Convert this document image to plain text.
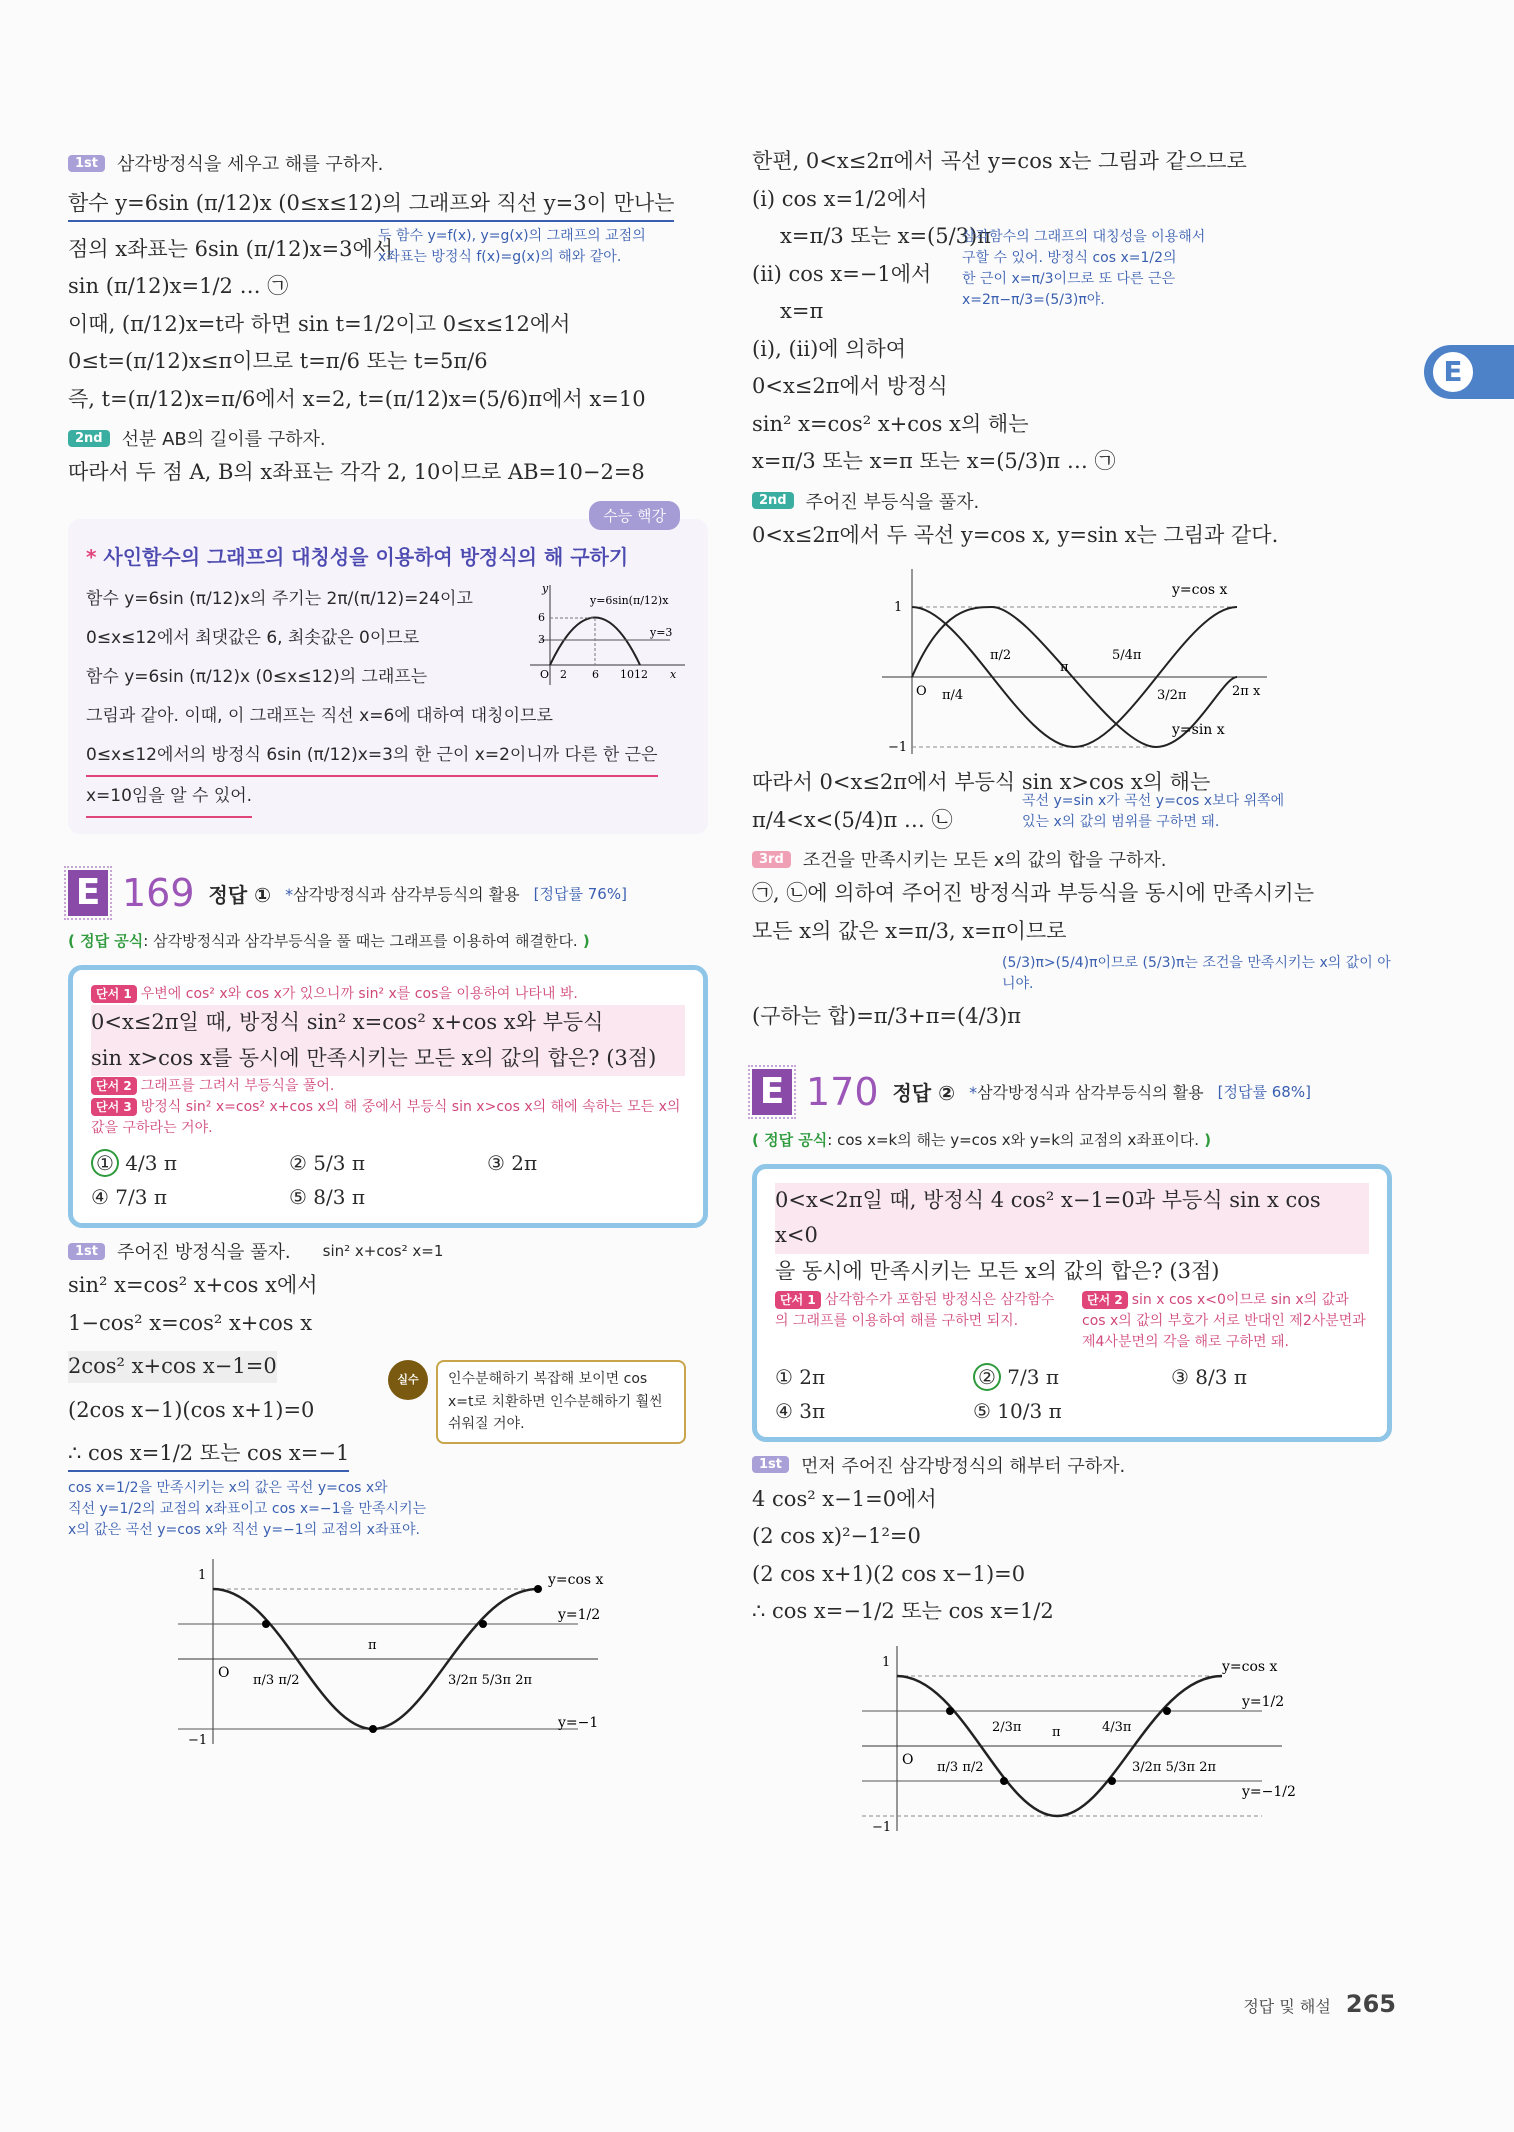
E
1st	삼각방정식을 세우고 해를 구하자.
함수 y=6sin (π/12)x (0≤x≤12)의 그래프와 직선 y=3이 만나는
점의 x좌표는 6sin (π/12)x=3에서
두 함수 y=f(x), y=g(x)의 그래프의 교점의
x좌표는 방정식 f(x)=g(x)의 해와 같아.
sin (π/12)x=1/2 … ㉠
이때, (π/12)x=t라 하면 sin t=1/2이고 0≤x≤12에서
0≤t=(π/12)x≤π이므로 t=π/6 또는 t=5π/6
즉, t=(π/12)x=π/6에서 x=2, t=(π/12)x=(5/6)π에서 x=10
2nd	선분 AB의 길이를 구하자.
따라서 두 점 A, B의 x좌표는 각각 2, 10이므로 AB=10−2=8
수능 핵강
* 사인함수의 그래프의 대칭성을 이용하여 방정식의 해 구하기
함수 y=6sin (π/12)x의 주기는 2π/(π/12)=24이고
0≤x≤12에서 최댓값은 6, 최솟값은 0이므로
함수 y=6sin (π/12)x (0≤x≤12)의 그래프는
그림과 같아. 이때, 이 그래프는 직선 x=6에 대하여 대칭이므로
0≤x≤12에서의 방정식 6sin (π/12)x=3의 한 근이 x=2이니까 다른 한 근은 x=10임을 알 수 있어.
6
3
O 2 6 1012 x
y
y=6sin(π/12)x
y=3
E 169 정답 ① *삼각방정식과 삼각부등식의 활용 [정답률 76%]
( 정답 공식: 삼각방정식과 삼각부등식을 풀 때는 그래프를 이용하여 해결한다. )
단서 1 우변에 cos² x와 cos x가 있으니까 sin² x를 cos을 이용하여 나타내 봐.
0<x≤2π일 때, 방정식 sin² x=cos² x+cos x와 부등식
sin x>cos x를 동시에 만족시키는 모든 x의 값의 합은? (3점)
단서 2 그래프를 그려서 부등식을 풀어.
단서 3 방정식 sin² x=cos² x+cos x의 해 중에서 부등식 sin x>cos x의 해에 속하는 모든 x의 값을 구하라는 거야.
① 4/3 π	② 5/3 π	③ 2π
④ 7/3 π	⑤ 8/3 π
1st	주어진 방정식을 풀자. sin² x+cos² x=1
sin² x=cos² x+cos x에서
1−cos² x=cos² x+cos x
2cos² x+cos x−1=0
(2cos x−1)(cos x+1)=0
∴ cos x=1/2 또는 cos x=−1
실수	인수분해하기 복잡해 보이면 cos x=t로 치환하면 인수분해하기 훨씬 쉬워질 거야.
cos x=1/2을 만족시키는 x의 값은 곡선 y=cos x와
직선 y=1/2의 교점의 x좌표이고 cos x=−1을 만족시키는
x의 값은 곡선 y=cos x와 직선 y=−1의 교점의 x좌표야.
O
y=cos x
y=1/2
y=−1
π/3 π/2
π
3/2π 5/3π 2π
−1
1
한편, 0<x≤2π에서 곡선 y=cos x는 그림과 같으므로
(i) cos x=1/2에서
x=π/3 또는 x=(5/3)π
(ii) cos x=−1에서
x=π
삼각함수의 그래프의 대칭성을 이용해서
구할 수 있어. 방정식 cos x=1/2의
한 근이 x=π/3이므로 또 다른 근은
x=2π−π/3=(5/3)π야.
(i), (ii)에 의하여
0<x≤2π에서 방정식
sin² x=cos² x+cos x의 해는
x=π/3 또는 x=π 또는 x=(5/3)π … ㉠
2nd	주어진 부등식을 풀자.
0<x≤2π에서 두 곡선 y=cos x, y=sin x는 그림과 같다.
O π/4
π/2
π
5/4π
3/2π	2π x
y=cos x
y=sin x
1
−1
따라서 0<x≤2π에서 부등식 sin x>cos x의 해는
π/4<x<(5/4)π … ㉡
곡선 y=sin x가 곡선 y=cos x보다 위쪽에
있는 x의 값의 범위를 구하면 돼.
3rd	조건을 만족시키는 모든 x의 값의 합을 구하자.
㉠, ㉡에 의하여 주어진 방정식과 부등식을 동시에 만족시키는
모든 x의 값은 x=π/3, x=π이므로
(5/3)π>(5/4)π이므로 (5/3)π는 조건을 만족시키는 x의 값이 아니야.
(구하는 합)=π/3+π=(4/3)π
E 170 정답 ② *삼각방정식과 삼각부등식의 활용 [정답률 68%]
( 정답 공식: cos x=k의 해는 y=cos x와 y=k의 교점의 x좌표이다. )
0<x<2π일 때, 방정식 4 cos² x−1=0과 부등식 sin x cos x<0
을 동시에 만족시키는 모든 x의 값의 합은? (3점)
단서 1 삼각함수가 포함된 방정식은 삼각함수의 그래프를 이용하여 해를 구하면 되지.
단서 2 sin x cos x<0이므로 sin x의 값과 cos x의 값의 부호가 서로 반대인 제2사분면과 제4사분면의 각을 해로 구하면 돼.
① 2π	② 7/3 π	③ 8/3 π
④ 3π	⑤ 10/3 π
1st	먼저 주어진 삼각방정식의 해부터 구하자.
4 cos² x−1=0에서
(2 cos x)²−1²=0
(2 cos x+1)(2 cos x−1)=0
∴ cos x=−1/2 또는 cos x=1/2
O
y=cos x
y=1/2
y=−1/2
π/3 π/2
2/3π π	4/3π
3/2π 5/3π 2π
−1
1
정답 및 해설 265
